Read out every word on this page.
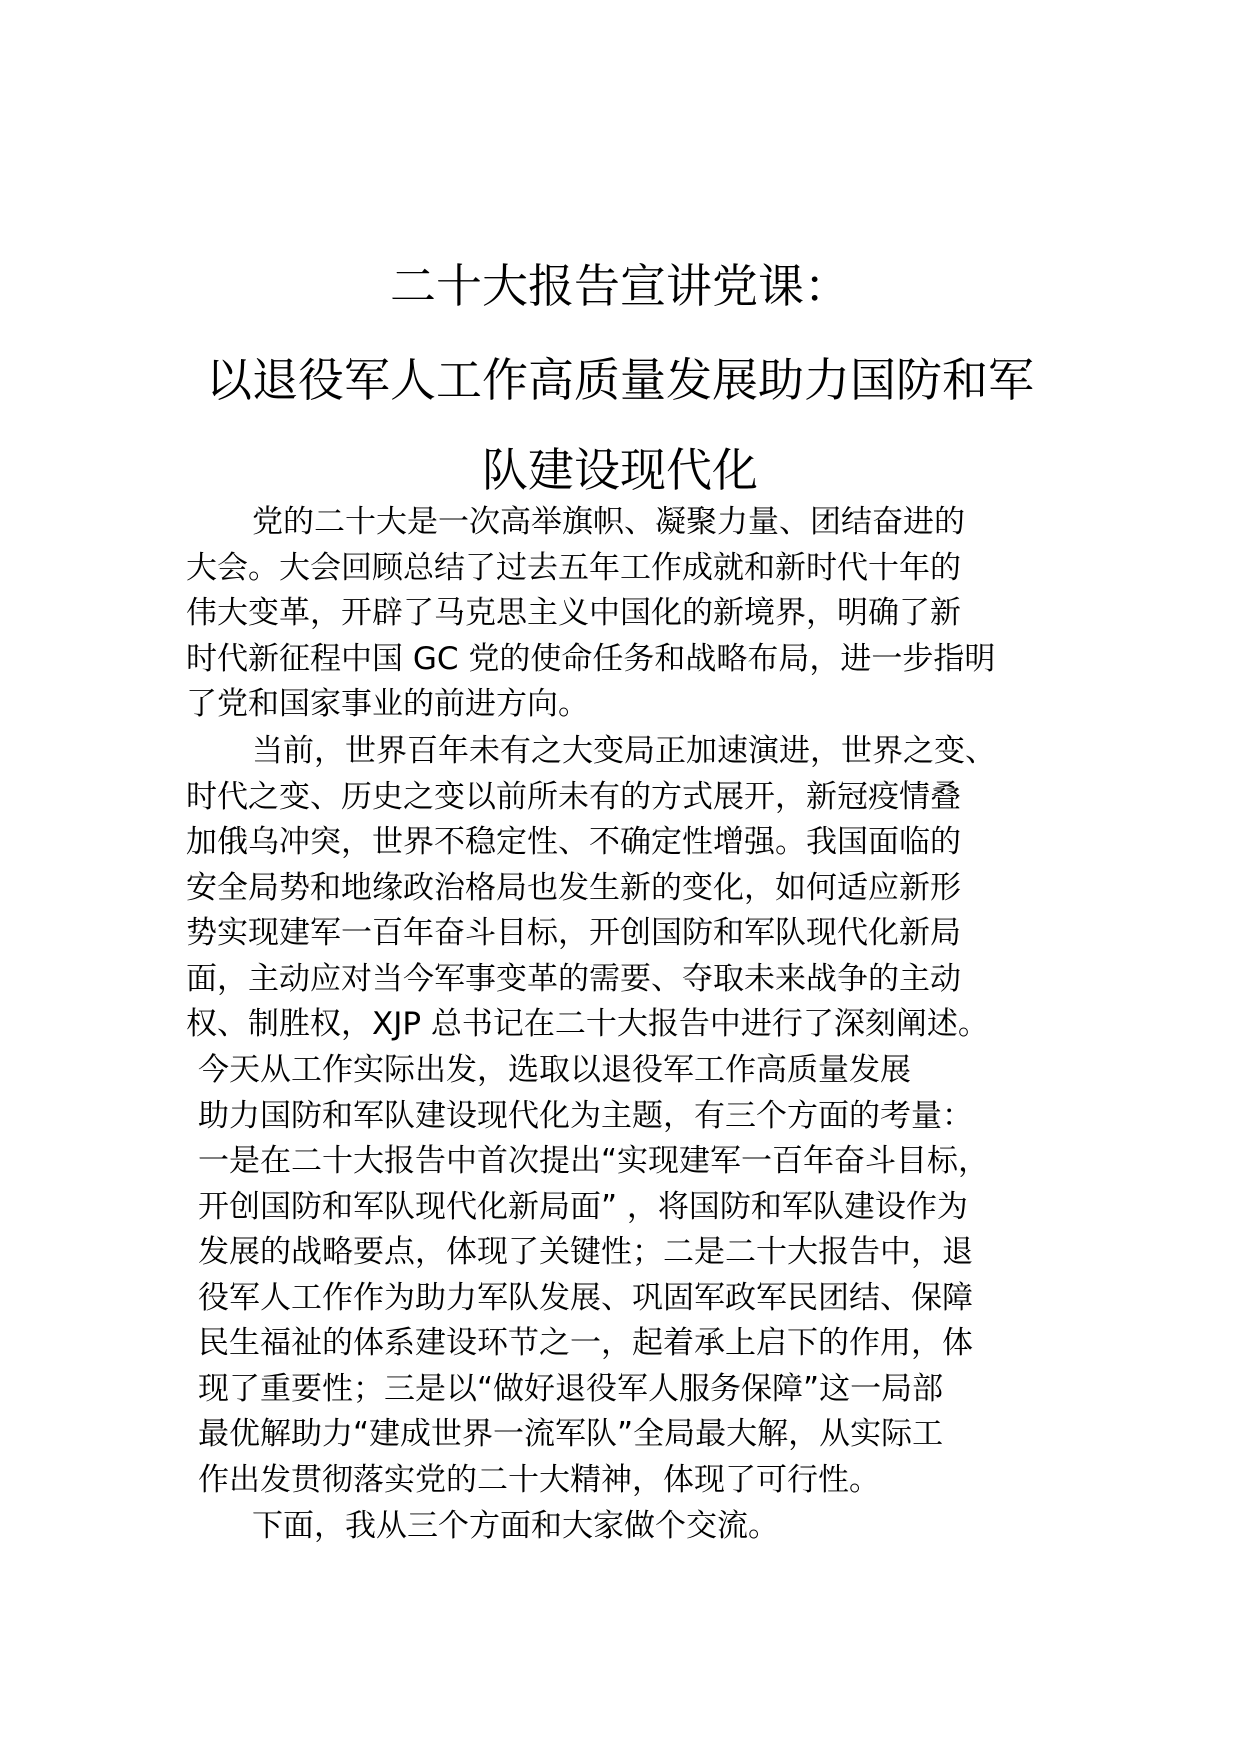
二十大报告宣讲党课：
以退役军人工作高质量发展助力国防和军
队建设现代化

党的二十大是一次高举旗帜、凝聚力量、团结奋进的
大会。大会回顾总结了过去五年工作成就和新时代十年的
伟大变革，开辟了马克思主义中国化的新境界，明确了新
时代新征程中国 GC 党的使命任务和战略布局，进一步指明
了党和国家事业的前进方向。

当前，世界百年未有之大变局正加速演进，世界之变、
时代之变、历史之变以前所未有的方式展开，新冠疫情叠
加俄乌冲突，世界不稳定性、不确定性增强。我国面临的
安全局势和地缘政治格局也发生新的变化，如何适应新形
势实现建军一百年奋斗目标，开创国防和军队现代化新局
面，主动应对当今军事变革的需要、夺取未来战争的主动
权、制胜权，XJP 总书记在二十大报告中进行了深刻阐述。

今天从工作实际出发，选取以退役军工作高质量发展
助力国防和军队建设现代化为主题，有三个方面的考量：
一是在二十大报告中首次提出“实现建军一百年奋斗目标，
开创国防和军队现代化新局面” ，将国防和军队建设作为
发展的战略要点，体现了关键性；二是二十大报告中，退
役军人工作作为助力军队发展、巩固军政军民团结、保障
民生福祉的体系建设环节之一，起着承上启下的作用，体
现了重要性；三是以“做好退役军人服务保障”这一局部
最优解助力“建成世界一流军队”全局最大解，从实际工
作出发贯彻落实党的二十大精神，体现了可行性。

下面，我从三个方面和大家做个交流。
